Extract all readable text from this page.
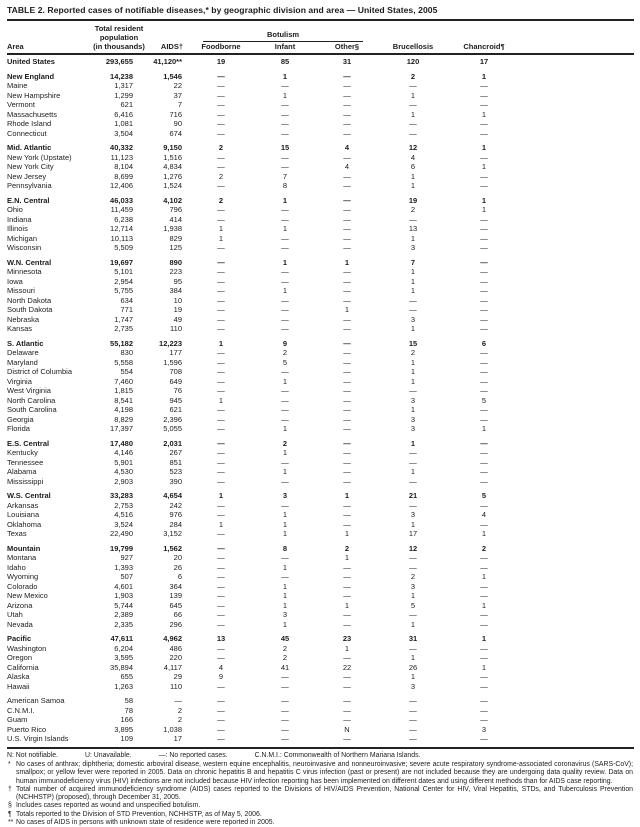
TABLE 2. Reported cases of notifiable diseases,* by geographic division and area — United States, 2005

	Total resident
population		Botulism					

Area	(in thousands)	AIDS†	Foodborne	Infant	Other§	Brucellosis	Chancroid¶	
United States	293,655	41,120**	19	85	31	120	17	

New England	14,238	1,546	—	1	—	2	1	
Maine	1,317	22	—	—	—	—	—	
New Hampshire	1,299	37	—	1	—	1	—	
Vermont	621	7	—	—	—	—	—	
Massachusetts	6,416	716	—	—	—	1	1	
Rhode Island	1,081	90	—	—	—	—	—	
Connecticut	3,504	674	—	—	—	—	—	

Mid. Atlantic	40,332	9,150	2	15	4	12	1	
New York (Upstate)	11,123	1,516	—	—	—	4	—	
New York City	8,104	4,834	—	—	4	6	1	
New Jersey	8,699	1,276	2	7	—	1	—	
Pennsylvania	12,406	1,524	—	8	—	1	—	

E.N. Central	46,033	4,102	2	1	—	19	1	
Ohio	11,459	796	—	—	—	2	1	
Indiana	6,238	414	—	—	—	—	—	
Illinois	12,714	1,938	1	1	—	13	—	
Michigan	10,113	829	1	—	—	1	—	
Wisconsin	5,509	125	—	—	—	3	—	

W.N. Central	19,697	890	—	1	1	7	—	
Minnesota	5,101	223	—	—	—	1	—	
Iowa	2,954	95	—	—	—	1	—	
Missouri	5,755	384	—	1	—	1	—	
North Dakota	634	10	—	—	—	—	—	
South Dakota	771	19	—	—	1	—	—	
Nebraska	1,747	49	—	—	—	3	—	
Kansas	2,735	110	—	—	—	1	—	

S. Atlantic	55,182	12,223	1	9	—	15	6	
Delaware	830	177	—	2	—	2	—	
Maryland	5,558	1,596	—	5	—	1	—	
District of Columbia	554	708	—	—	—	1	—	
Virginia	7,460	649	—	1	—	1	—	
West Virginia	1,815	76	—	—	—	—	—	
North Carolina	8,541	945	1	—	—	3	5	
South Carolina	4,198	621	—	—	—	1	—	
Georgia	8,829	2,396	—	—	—	3	—	
Florida	17,397	5,055	—	1	—	3	1	

E.S. Central	17,480	2,031	—	2	—	1	—	
Kentucky	4,146	267	—	1	—	—	—	
Tennessee	5,901	851	—	—	—	—	—	
Alabama	4,530	523	—	1	—	1	—	
Mississippi	2,903	390	—	—	—	—	—	

W.S. Central	33,283	4,654	1	3	1	21	5	
Arkansas	2,753	242	—	—	—	—	—	
Louisiana	4,516	976	—	1	—	3	4	
Oklahoma	3,524	284	1	1	—	1	—	
Texas	22,490	3,152	—	1	1	17	1	

Mountain	19,799	1,562	—	8	2	12	2	
Montana	927	20	—	—	1	—	—	
Idaho	1,393	26	—	1	—	—	—	
Wyoming	507	6	—	—	—	2	1	
Colorado	4,601	364	—	1	—	3	—	
New Mexico	1,903	139	—	1	—	1	—	
Arizona	5,744	645	—	1	1	5	1	
Utah	2,389	66	—	3	—	—	—	
Nevada	2,335	296	—	1	—	1	—	

Pacific	47,611	4,962	13	45	23	31	1	
Washington	6,204	486	—	2	1	—	—	
Oregon	3,595	220	—	2	—	1	—	
California	35,894	4,117	4	41	22	26	1	
Alaska	655	29	9	—	—	1	—	
Hawaii	1,263	110	—	—	—	3	—	

American Samoa	58	—	—	—	—	—	—	
C.N.M.I.	78	2	—	—	—	—	—	
Guam	166	2	—	—	—	—	—	
Puerto Rico	3,895	1,038	—	—	N	—	3	
U.S. Virgin Islands	109	17	—	—	—	—	—	
N: Not notifiable.	U: Unavailable.	—: No reported cases.	C.N.M.I.: Commonwealth of Northern Mariana Islands.
* No cases of anthrax; diphtheria; domestic arboviral disease, western equine encephalitis, neuroinvasive and nonneuroinvasive; severe acute respiratory syndrome-associated coronavirus (SARS-CoV); smallpox; or yellow fever were reported in 2005. Data on chronic hepatitis B and hepatitis C virus infection (past or present) are not included because they are undergoing data quality review. Data on human immunodeficiency virus (HIV) infections are not included because HIV infection reporting has been implemented on different dates and using different methods than for AIDS case reporting.
† Total number of acquired immunodeficiency syndrome (AIDS) cases reported to the Divisions of HIV/AIDS Prevention, National Center for HIV, Viral Hepatitis, STDs, and Tuberculosis Prevention (NCHHSTP) (proposed), through December 31, 2005.
§ Includes cases reported as wound and unspecified botulism.
¶ Totals reported to the Division of STD Prevention, NCHHSTP, as of May 5, 2006.
** No cases of AIDS in persons with unknown state of residence were reported in 2005.
